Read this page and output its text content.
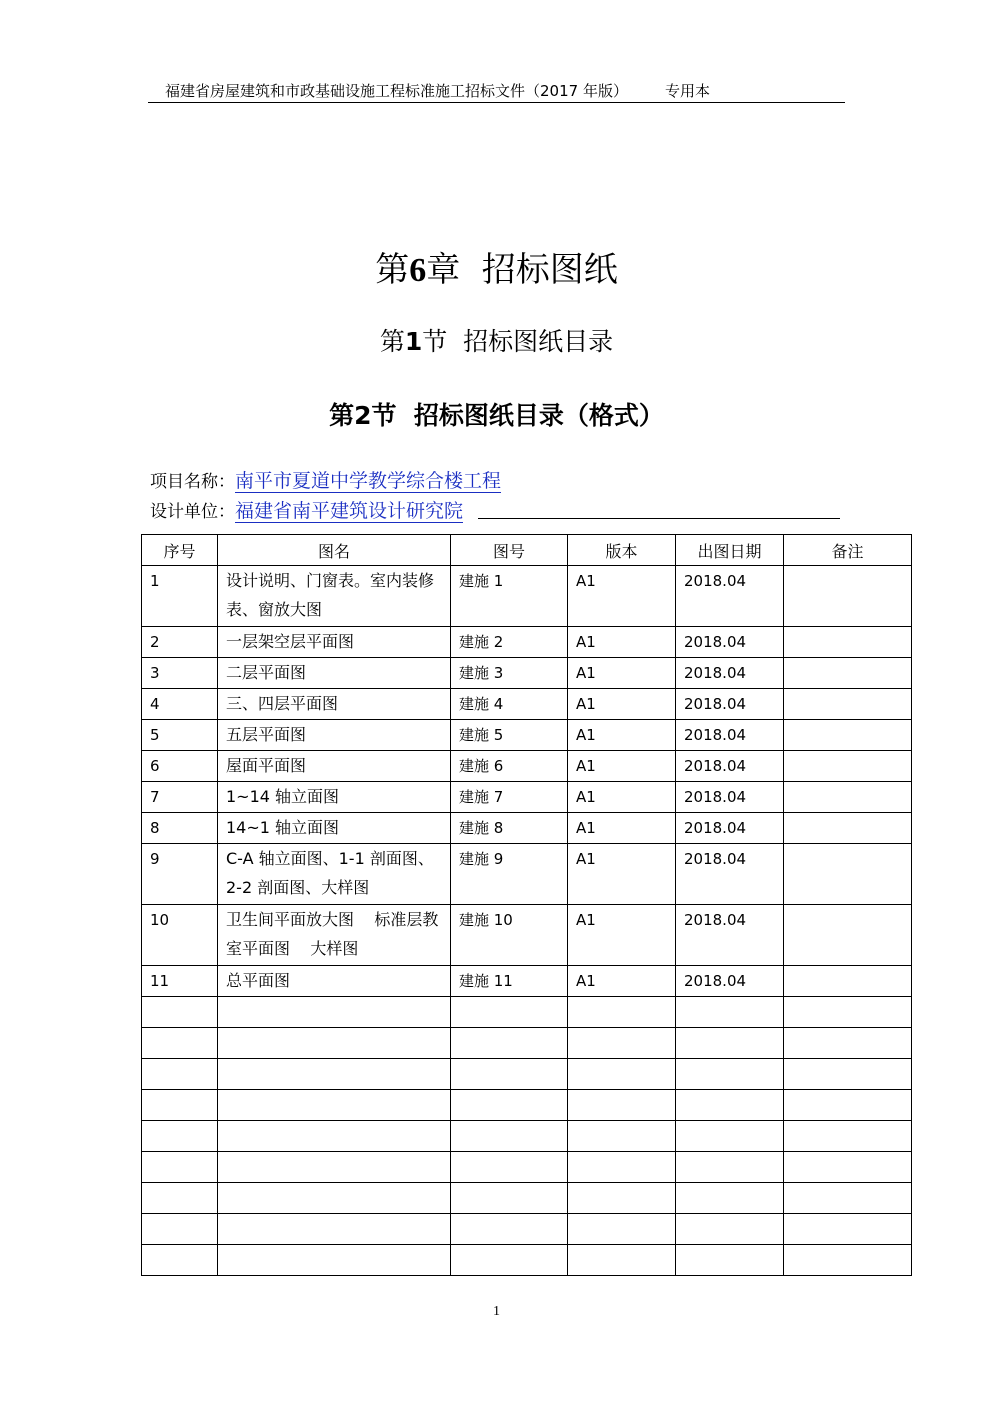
福建省房屋建筑和市政基础设施工程标准施工招标文件（2017 年版） 专用本
第6章  招标图纸
第1节  招标图纸目录
第2节  招标图纸目录（格式）
项目名称：南平市夏道中学教学综合楼工程
设计单位：福建省南平建筑设计研究院
序号	图名	图号	版本	出图日期	备注
1	设计说明、门窗表。室内装修表、窗放大图	建施 1	A1	2018.04	
2	一层架空层平面图	建施 2	A1	2018.04	
3	二层平面图	建施 3	A1	2018.04	
4	三、四层平面图	建施 4	A1	2018.04	
5	五层平面图	建施 5	A1	2018.04	
6	屋面平面图	建施 6	A1	2018.04	
7	1~14 轴立面图	建施 7	A1	2018.04	
8	14~1 轴立面图	建施 8	A1	2018.04	
9	C-A 轴立面图、1-1 剖面图、2-2 剖面图、大样图	建施 9	A1	2018.04	
10	卫生间平面放大图    标准层教室平面图    大样图	建施 10	A1	2018.04	
11	总平面图	建施 11	A1	2018.04	

1
